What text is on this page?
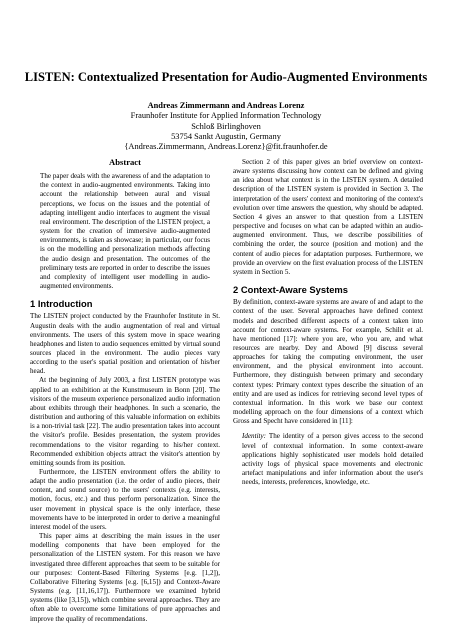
LISTEN: Contextualized Presentation for Audio-Augmented Environments
Andreas Zimmermann and Andreas Lorenz
Fraunhofer Institute for Applied Information Technology
Schloß Birlinghoven
53754 Sankt Augustin, Germany
{Andreas.Zimmermann, Andreas.Lorenz}@fit.fraunhofer.de
Abstract

The paper deals with the awareness of and the adaptation to the context in audio-augmented environments. Taking into account the relationship between aural and visual perceptions, we focus on the issues and the potential of adapting intelligent audio interfaces to augment the visual real environment. The description of the LISTEN project, a system for the creation of immersive audio-augmented environments, is taken as showcase; in particular, our focus is on the modelling and personalization methods affecting the audio design and presentation. The outcomes of the preliminary tests are reported in order to describe the issues and complexity of intelligent user modelling in audio-augmented environments.

1 Introduction

The LISTEN project conducted by the Fraunhofer Institute in St. Augustin deals with the audio augmentation of real and virtual environments. The users of this system move in space wearing headphones and listen to audio sequences emitted by virtual sound sources placed in the environment. The audio pieces vary according to the user's spatial position and orientation of his/her head.

At the beginning of July 2003, a first LISTEN prototype was applied to an exhibition at the Kunstmuseum in Bonn [20]. The visitors of the museum experience personalized audio information about exhibits through their headphones. In such a scenario, the distribution and authoring of this valuable information on exhibits is a non-trivial task [22]. The audio presentation takes into account the visitor's profile. Besides presentation, the system provides recommendations to the visitor regarding to his/her context. Recommended exhibition objects attract the visitor's attention by emitting sounds from its position.

Furthermore, the LISTEN environment offers the ability to adapt the audio presentation (i.e. the order of audio pieces, their content, and sound source) to the users' contexts (e.g. interests, motion, focus, etc.) and thus perform personalization. Since the user movement in physical space is the only interface, these movements have to be interpreted in order to derive a meaningful interest model of the users.

This paper aims at describing the main issues in the user modelling components that have been employed for the personalization of the LISTEN system. For this reason we have investigated three different approaches that seem to be suitable for our purposes: Content-Based Filtering Systems [e.g. [1,2]), Collaborative Filtering Systems [e.g. [6,15]) and Context-Aware Systems (e.g. [11,16,17]). Furthermore we examined hybrid systems (like [3,15]), which combine several approaches. They are often able to overcome some limitations of pure approaches and improve the quality of recommendations.

Section 2 of this paper gives an brief overview on context-aware systems discussing how context can be defined and giving an idea about what context is in the LISTEN system. A detailed description of the LISTEN system is provided in Section 3. The interpretation of the users' context and monitoring of the context's evolution over time answers the question, why should be adapted. Section 4 gives an answer to that question from a LISTEN perspective and focuses on what can be adapted within an audio-augmented environment. Thus, we describe possibilities of combining the order, the source (position and motion) and the content of audio pieces for adaptation purposes. Furthermore, we provide an overview on the first evaluation process of the LISTEN system in Section 5.

2 Context-Aware Systems

By definition, context-aware systems are aware of and adapt to the context of the user. Several approaches have defined context models and described different aspects of a context taken into account for context-aware systems. For example, Schilit et al. have mentioned [17]: where you are, who you are, and what resources are nearby. Dey and Abowd [9] discuss several approaches for taking the computing environment, the user environment, and the physical environment into account. Furthermore, they distinguish between primary and secondary context types: Primary context types describe the situation of an entity and are used as indices for retrieving second level types of contextual information. In this work we base our context modelling approach on the four dimensions of a context which Gross and Specht have considered in [11]:

Identity: The identity of a person gives access to the second level of contextual information. In some context-aware applications highly sophisticated user models hold detailed activity logs of physical space movements and electronic artefact manipulations and infer information about the user's needs, interests, preferences, knowledge, etc.
